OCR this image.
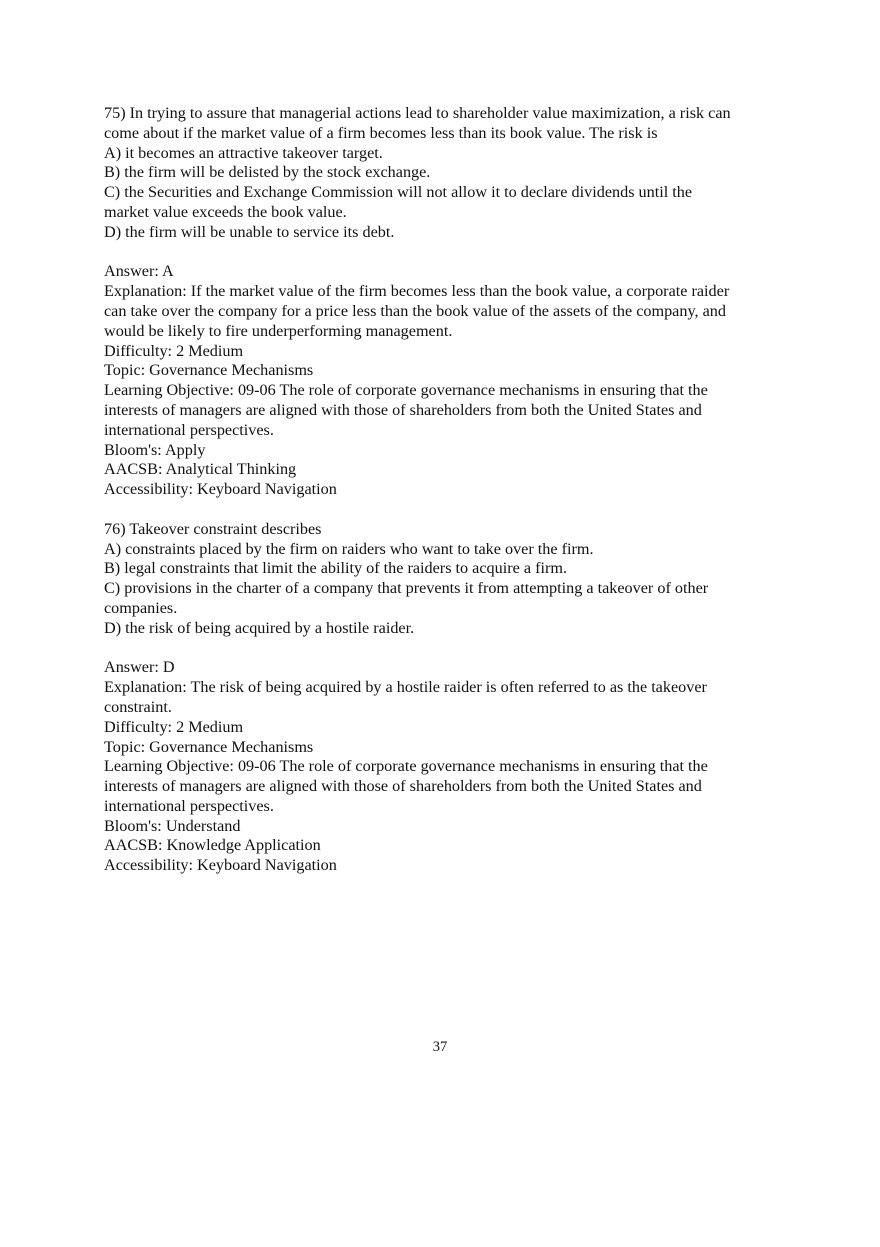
75) In trying to assure that managerial actions lead to shareholder value maximization, a risk can
come about if the market value of a firm becomes less than its book value. The risk is
A) it becomes an attractive takeover target.
B) the firm will be delisted by the stock exchange.
C) the Securities and Exchange Commission will not allow it to declare dividends until the
market value exceeds the book value.
D) the firm will be unable to service its debt.
Answer: A
Explanation: If the market value of the firm becomes less than the book value, a corporate raider
can take over the company for a price less than the book value of the assets of the company, and
would be likely to fire underperforming management.
Difficulty: 2 Medium
Topic: Governance Mechanisms
Learning Objective: 09-06 The role of corporate governance mechanisms in ensuring that the
interests of managers are aligned with those of shareholders from both the United States and
international perspectives.
Bloom's: Apply
AACSB: Analytical Thinking
Accessibility: Keyboard Navigation
76) Takeover constraint describes
A) constraints placed by the firm on raiders who want to take over the firm.
B) legal constraints that limit the ability of the raiders to acquire a firm.
C) provisions in the charter of a company that prevents it from attempting a takeover of other
companies.
D) the risk of being acquired by a hostile raider.
Answer: D
Explanation: The risk of being acquired by a hostile raider is often referred to as the takeover
constraint.
Difficulty: 2 Medium
Topic: Governance Mechanisms
Learning Objective: 09-06 The role of corporate governance mechanisms in ensuring that the
interests of managers are aligned with those of shareholders from both the United States and
international perspectives.
Bloom's: Understand
AACSB: Knowledge Application
Accessibility: Keyboard Navigation
37
